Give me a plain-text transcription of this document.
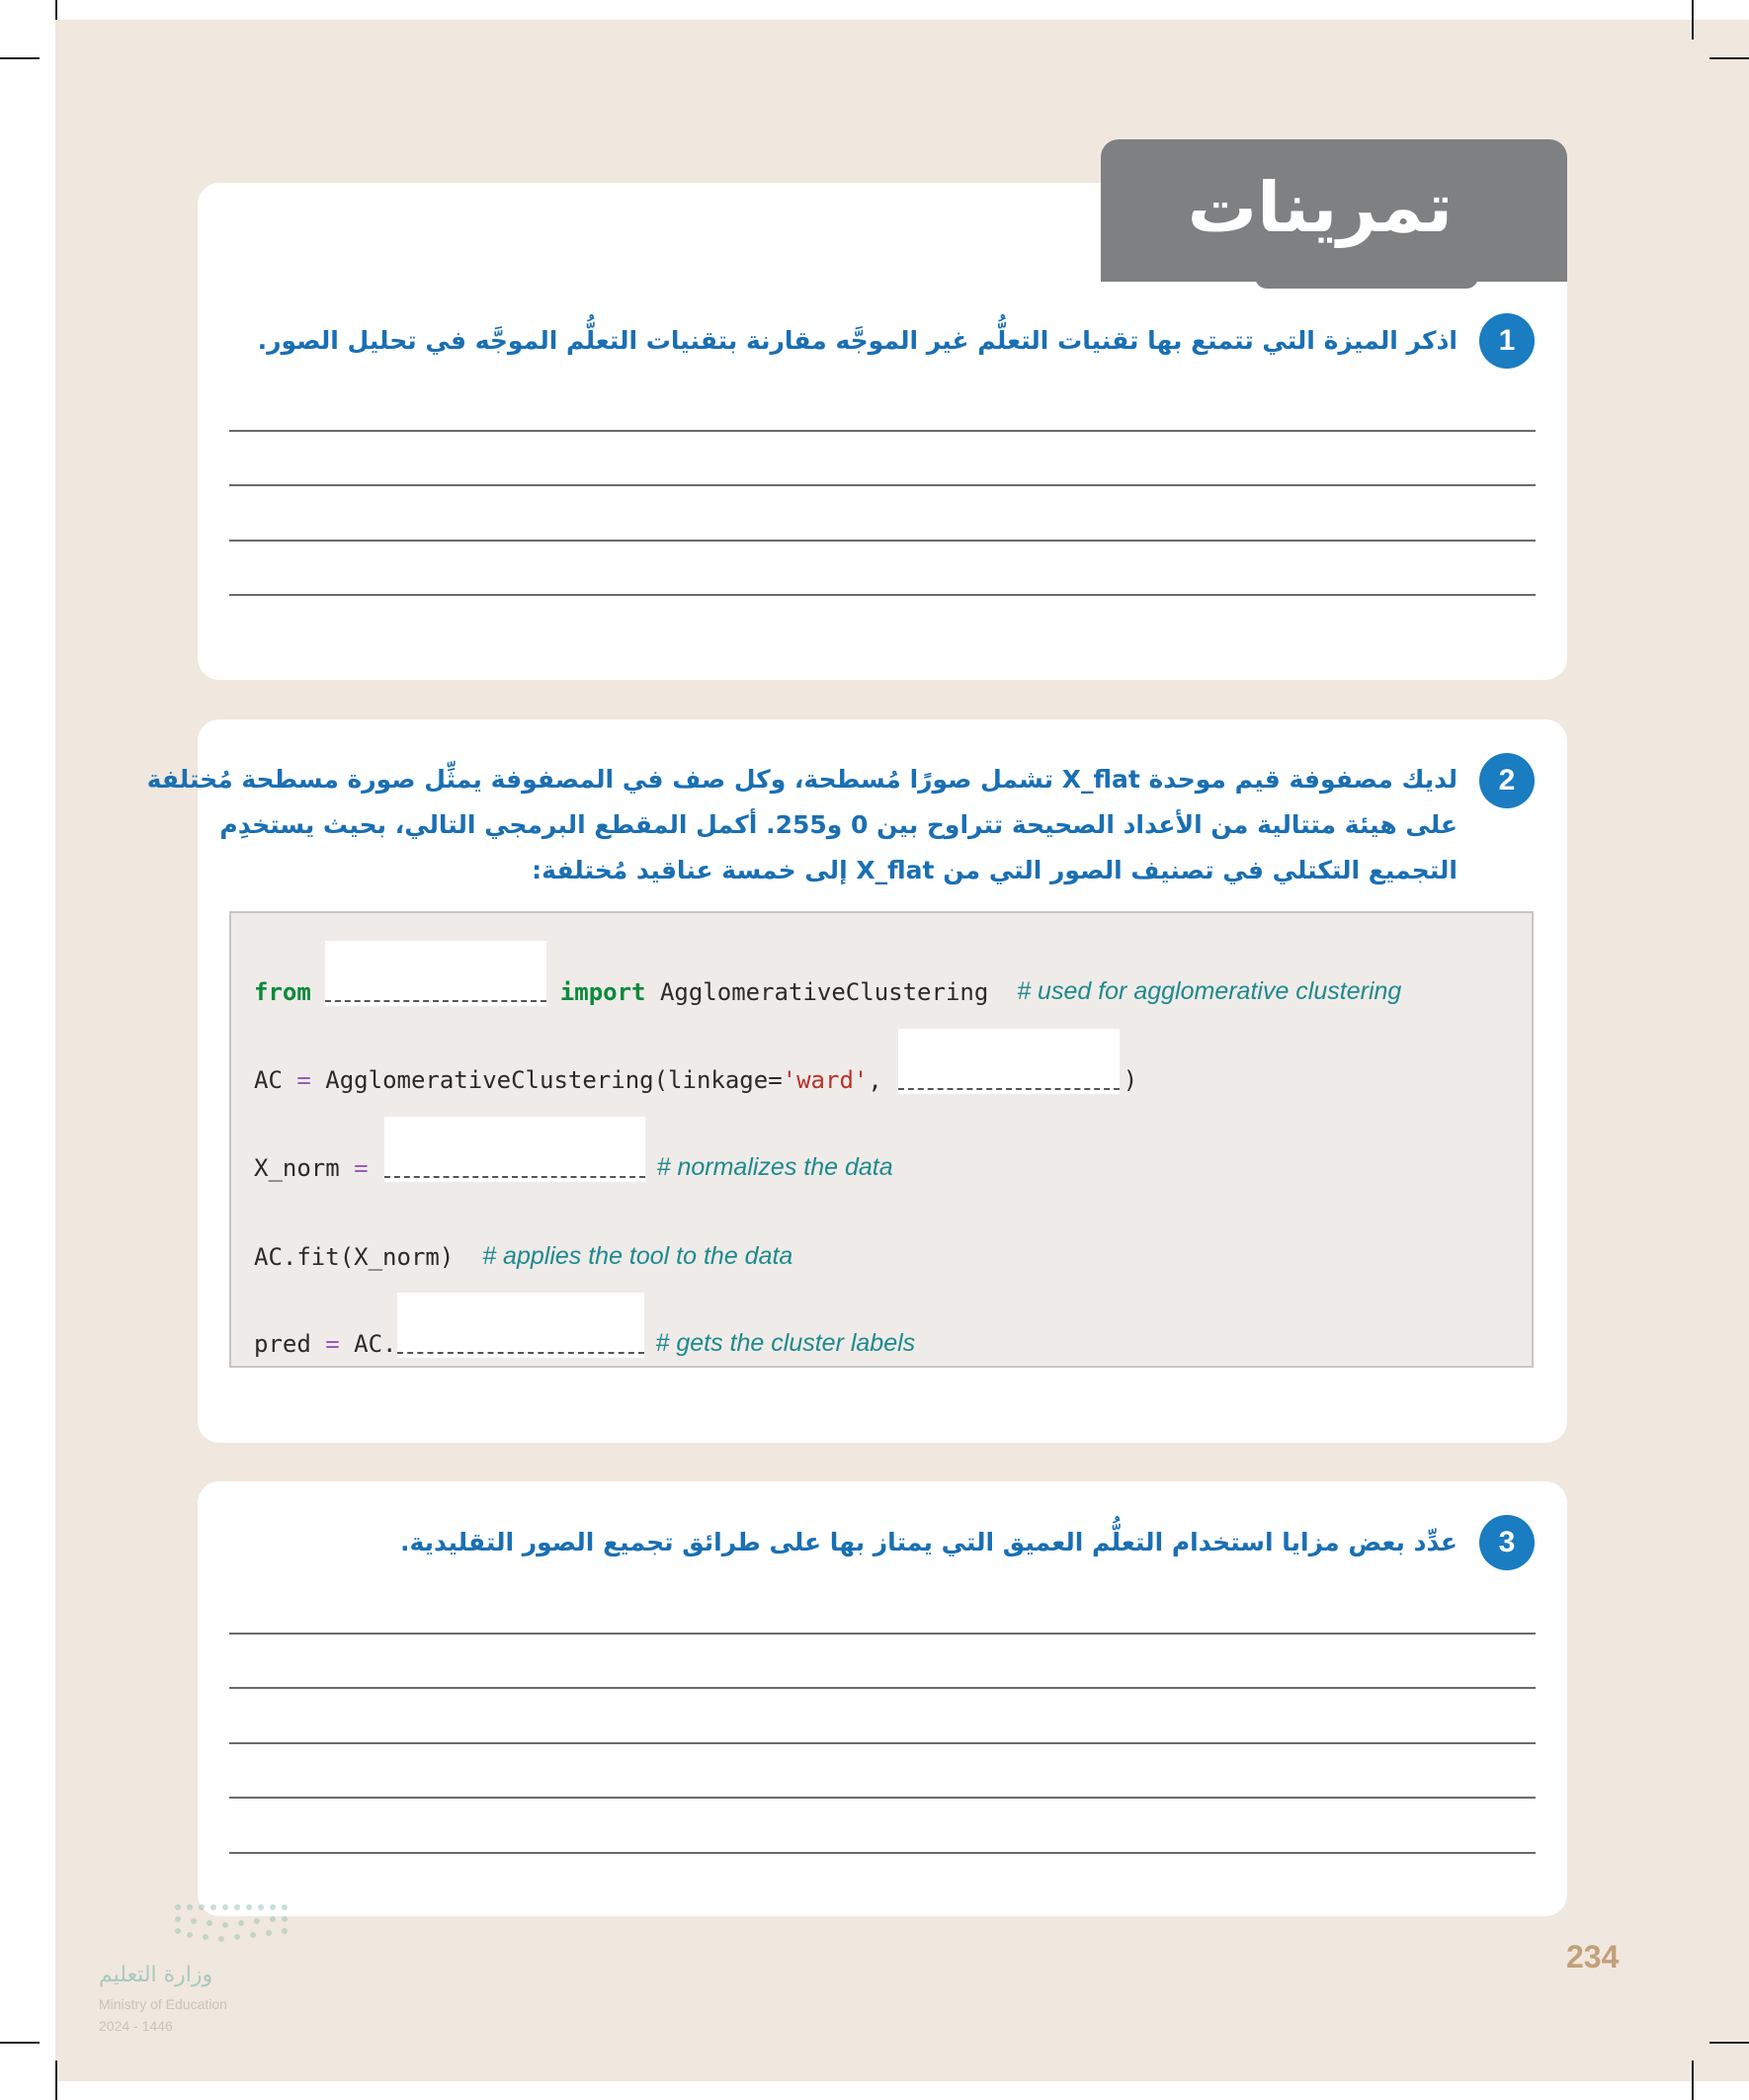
تمرينات
1
اذكر الميزة التي تتمتع بها تقنيات التعلُّم غير الموجَّه مقارنة بتقنيات التعلُّم الموجَّه في تحليل الصور.
2
لديك مصفوفة قيم موحدة X_flat تشمل صورًا مُسطحة، وكل صف في المصفوفة يمثِّل صورة مسطحة مُختلفة
على هيئة متتالية من الأعداد الصحيحة تتراوح بين 0 و255. أكمل المقطع البرمجي التالي، بحيث يستخدِم
التجميع التكتلي في تصنيف الصور التي من X_flat إلى خمسة عناقيد مُختلفة:
from	import
AgglomerativeClustering
# used for agglomerative clustering
AC
=
AgglomerativeClustering(linkage= 'ward' ,	)
X_norm
=	# normalizes the data
AC.fit(X_norm)
# applies the tool to the data
pred
=
AC.	# gets the cluster labels
3
عدِّد بعض مزايا استخدام التعلُّم العميق التي يمتاز بها على طرائق تجميع الصور التقليدية.
وزارة التعليم
Ministry of Education
2024 - 1446
234
